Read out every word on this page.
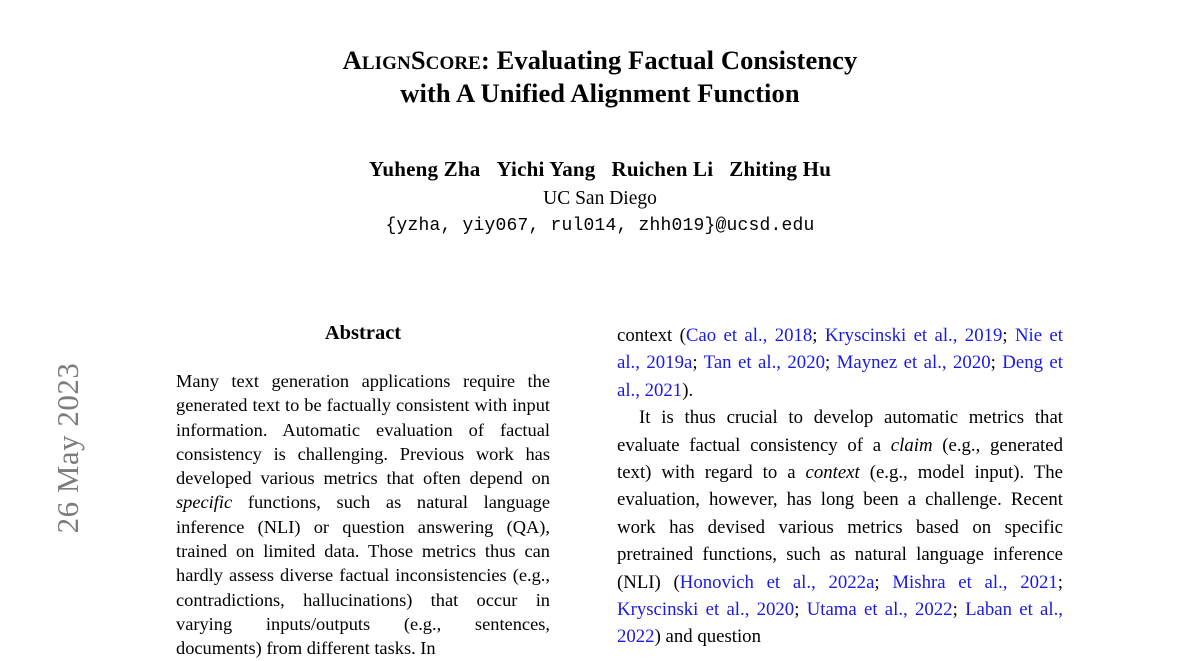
26 May 2023
AlignScore: Evaluating Factual Consistency
with A Unified Alignment Function
Yuheng Zha Yichi Yang Ruichen Li Zhiting Hu
UC San Diego
{yzha, yiy067, rul014, zhh019}@ucsd.edu
Abstract
Many text generation applications require the generated text to be factually consistent with input information. Automatic evaluation of factual consistency is challenging. Previous work has developed various metrics that often depend on specific functions, such as natural language inference (NLI) or question answering (QA), trained on limited data. Those metrics thus can hardly assess diverse factual inconsistencies (e.g., contradictions, hallucinations) that occur in varying inputs/outputs (e.g., sentences, documents) from different tasks. In

context (Cao et al., 2018; Kryscinski et al., 2019; Nie et al., 2019a; Tan et al., 2020; Maynez et al., 2020; Deng et al., 2021).

It is thus crucial to develop automatic metrics that evaluate factual consistency of a claim (e.g., generated text) with regard to a context (e.g., model input). The evaluation, however, has long been a challenge. Recent work has devised various metrics based on specific pretrained functions, such as natural language inference (NLI) (Honovich et al., 2022a; Mishra et al., 2021; Kryscinski et al., 2020; Utama et al., 2022; Laban et al., 2022) and question
